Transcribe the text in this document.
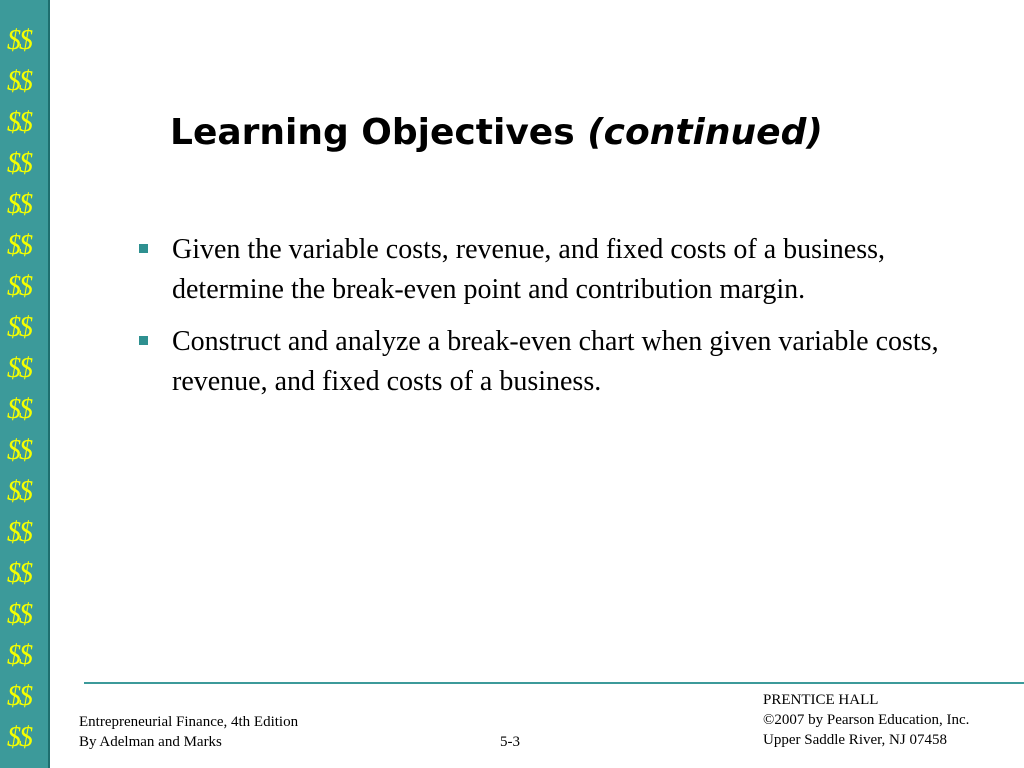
$$
$$
$$
$$
$$
$$
$$
$$
$$
$$
$$
$$
$$
$$
$$
$$
$$
$$
Learning Objectives (continued)
Given the variable costs, revenue, and fixed costs of a business, determine the break-even point and contribution margin.
Construct and analyze a break-even chart when given variable costs, revenue, and fixed costs of a business.
Entrepreneurial Finance, 4th Edition
By Adelman and Marks	5-3
PRENTICE HALL
©2007 by Pearson Education, Inc.
Upper Saddle River, NJ 07458
